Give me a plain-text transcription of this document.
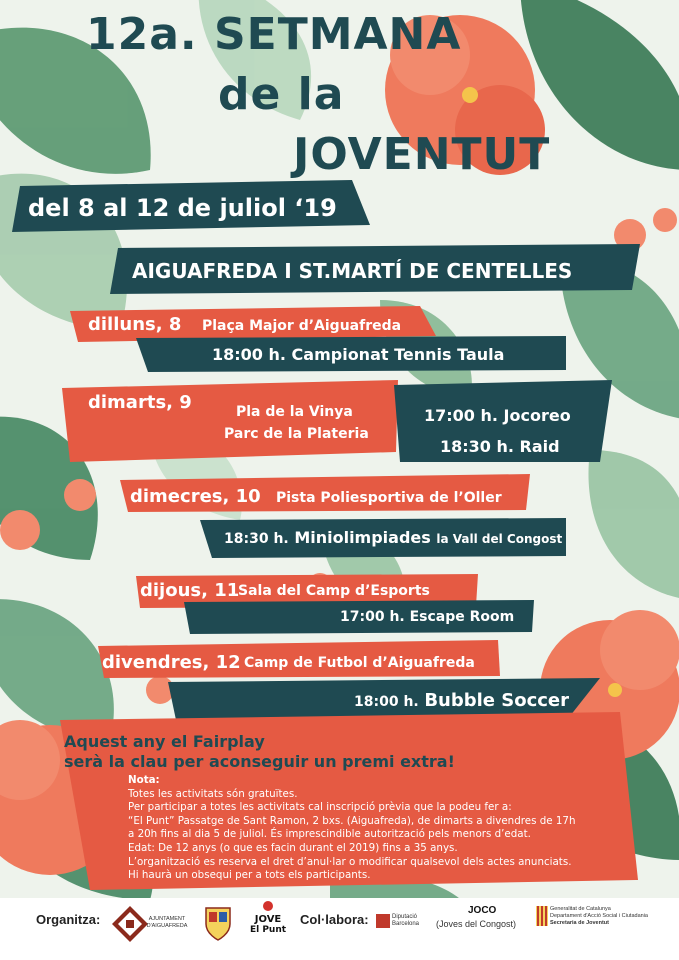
12a. SETMANA
de la
JOVENTUT
del 8 al 12 de juliol ‘19
AIGUAFREDA I ST.MARTÍ DE CENTELLES
dilluns, 8 Plaça Major d’Aiguafreda
18:00 h. Campionat Tennis Taula
dimarts, 9	Pla de la Vinya
Parc de la Plateria
17:00 h. Jocoreo
18:30 h. Raid
dimecres, 10 Pista Poliesportiva de l’Oller
18:30 h. Miniolimpiades la Vall del Congost
dijous, 11
Sala del Camp d’Esports
17:00 h. Escape Room
divendres, 12 Camp de Futbol d’Aiguafreda
18:00 h. Bubble Soccer
Aquest any el Fairplay
serà la clau per aconseguir un premi extra!
Nota:
Totes les activitats són gratuïtes.
Per participar a totes les activitats cal inscripció prèvia que la podeu fer a:
“El Punt” Passatge de Sant Ramon, 2 bxs. (Aiguafreda), de dimarts a divendres de 17h
a 20h fins al dia 5 de juliol. És imprescindible autorització pels menors d’edat.
Edat: De 12 anys (o que es facin durant el 2019) fins a 35 anys.
L’organització es reserva el dret d’anul·lar o modificar qualsevol dels actes anunciats.
Hi haurà un obsequi per a tots els participants.
Organitza:	AJUNTAMENT D'AIGUAFREDA
JOVE
El Punt
Col·labora:	Diputació Barcelona
JOCO
(Joves del Congost)
Generalitat de Catalunya
Departament d'Acció Social i Ciutadania
Secretaria de Joventut
